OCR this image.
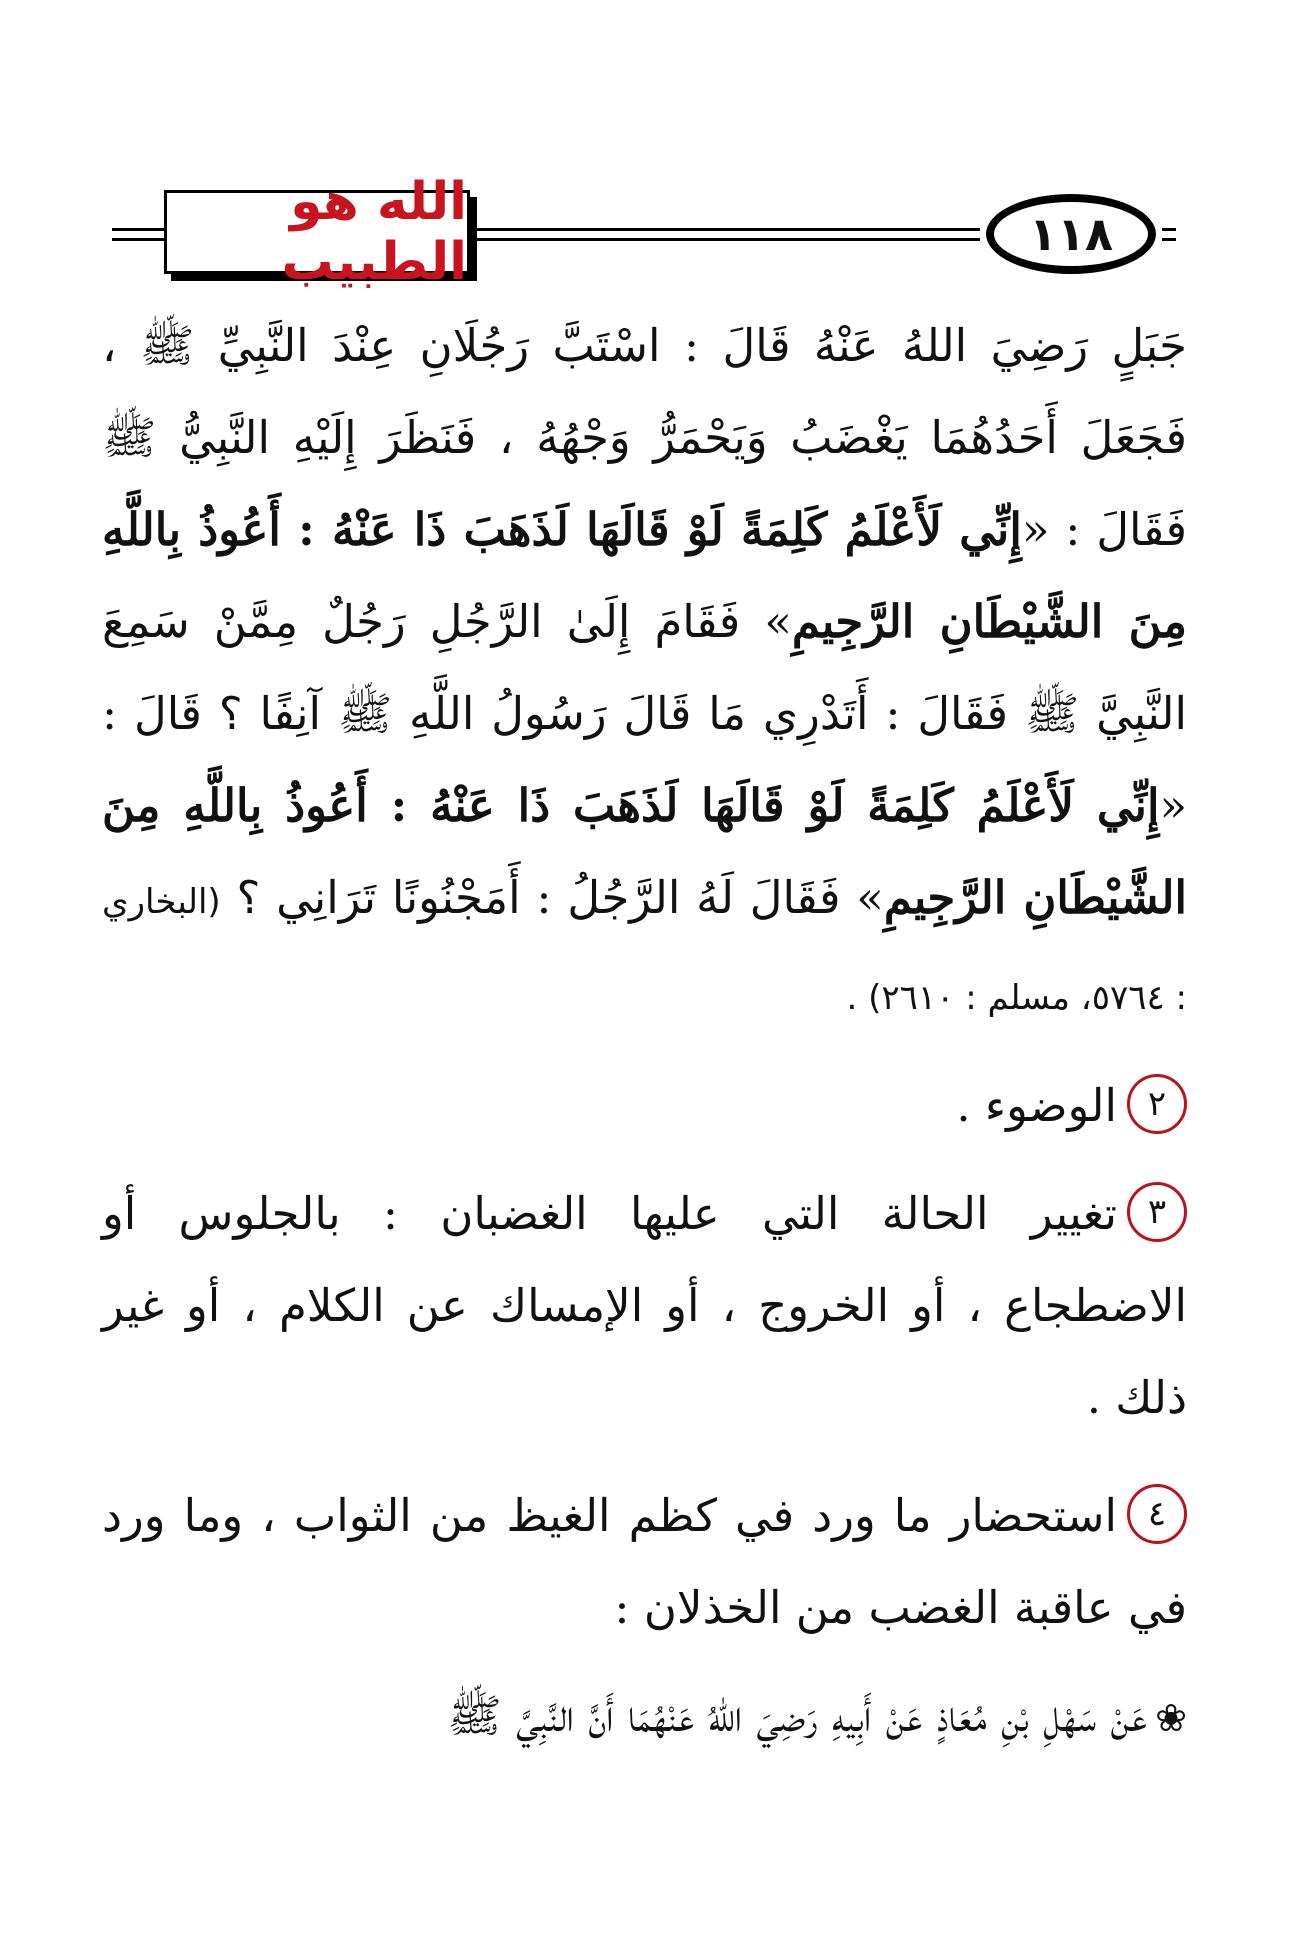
الله هو الطبيب	١١٨

جَبَلٍ رَضِيَ اللهُ عَنْهُ قَالَ : اسْتَبَّ رَجُلَانِ عِنْدَ النَّبِيِّ ﷺ ، فَجَعَلَ أَحَدُهُمَا يَغْضَبُ وَيَحْمَرُّ وَجْهُهُ ، فَنَظَرَ إِلَيْهِ النَّبِيُّ ﷺ فَقَالَ : «إِنِّي لَأَعْلَمُ كَلِمَةً لَوْ قَالَهَا لَذَهَبَ ذَا عَنْهُ : أَعُوذُ بِاللَّهِ مِنَ الشَّيْطَانِ الرَّجِيمِ» فَقَامَ إِلَىٰ الرَّجُلِ رَجُلٌ مِمَّنْ سَمِعَ النَّبِيَّ ﷺ فَقَالَ : أَتَدْرِي مَا قَالَ رَسُولُ اللَّهِ ﷺ آنِفًا ؟ قَالَ : «إِنِّي لَأَعْلَمُ كَلِمَةً لَوْ قَالَهَا لَذَهَبَ ذَا عَنْهُ : أَعُوذُ بِاللَّهِ مِنَ الشَّيْطَانِ الرَّجِيمِ» فَقَالَ لَهُ الرَّجُلُ : أَمَجْنُونًا تَرَانِي ؟ (البخاري : ٥٧٦٤، مسلم : ٢٦١٠) .

٢الوضوء .

٣تغيير الحالة التي عليها الغضبان : بالجلوس أو الاضطجاع ، أو الخروج ، أو الإمساك عن الكلام ، أو غير ذلك .

٤استحضار ما ورد في كظم الغيظ من الثواب ، وما ورد في عاقبة الغضب من الخذلان :

❀عَنْ سَهْلِ بْنِ مُعَاذٍ عَنْ أَبِيهِ رَضِيَ اللهُ عَنْهُمَا أَنَّ النَّبِيَّ ﷺ
